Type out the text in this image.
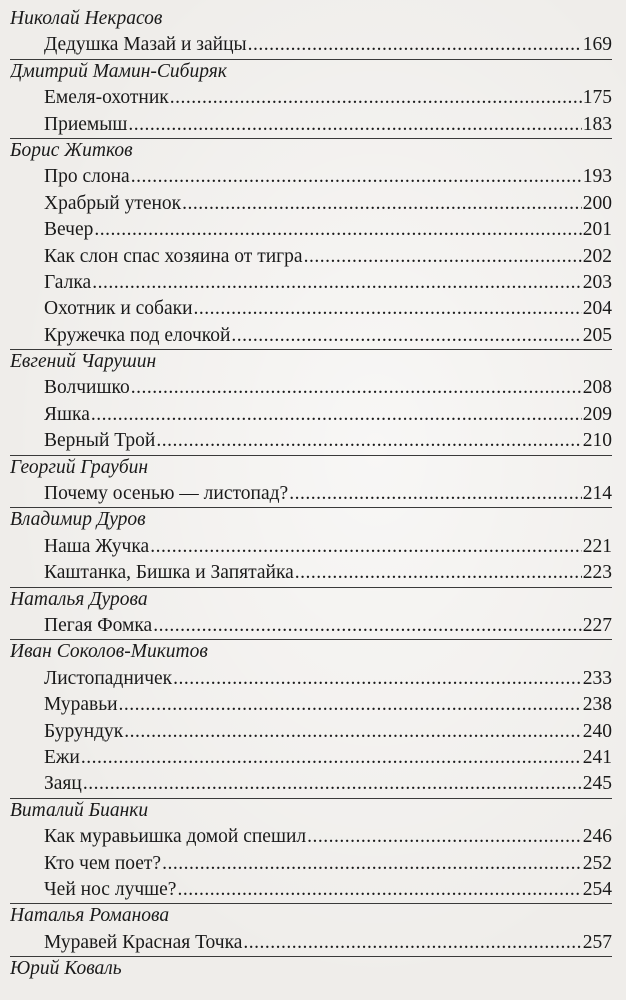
Николай Некрасов
Дедушка Мазай и зайцы .....	169
Дмитрий Мамин-Сибиряк
Емеля-охотник .....	175
Приемыш .....	183
Борис Житков
Про слона .....	193
Храбрый утенок .....	200
Вечер .....	201
Как слон спас хозяина от тигра .....	202
Галка .....	203
Охотник и собаки .....	204
Кружечка под елочкой .....	205
Евгений Чарушин
Волчишко .....	208
Яшка .....	209
Верный Трой .....	210
Георгий Граубин
Почему осенью — листопад? .....	214
Владимир Дуров
Наша Жучка .....	221
Каштанка, Бишка и Запятайка .....	223
Наталья Дурова
Пегая Фомка .....	227
Иван Соколов-Микитов
Листопадничек .....	233
Муравьи .....	238
Бурундук .....	240
Ежи .....	241
Заяц .....	245
Виталий Бианки
Как муравьишка домой спешил .....	246
Кто чем поет? .....	252
Чей нос лучше? .....	254
Наталья Романова
Муравей Красная Точка .....	257
Юрий Коваль
